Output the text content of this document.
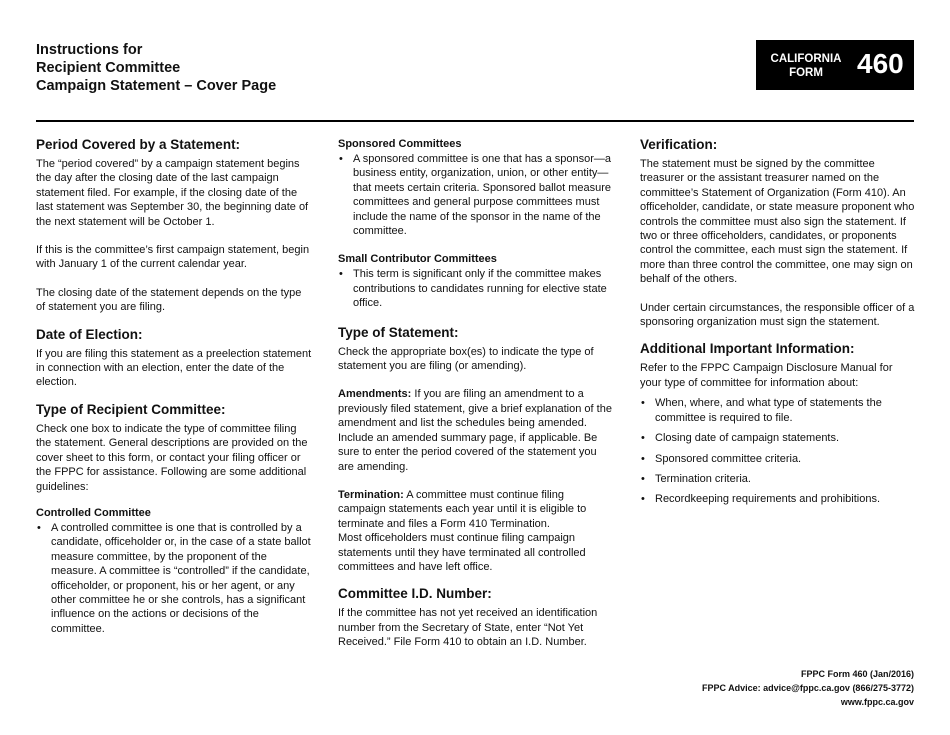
Instructions for
Recipient Committee
Campaign Statement – Cover Page
CALIFORNIA
FORM	460
Period Covered by a Statement:

The “period covered” by a campaign statement begins the day after the closing date of the last campaign statement filed. For example, if the closing date of the last statement was September 30, the beginning date of the next statement will be October 1.

If this is the committee’s first campaign statement, begin with January 1 of the current calendar year.

The closing date of the statement depends on the type of statement you are filing.

Date of Election:

If you are filing this statement as a preelection statement in connection with an election, enter the date of the election.

Type of Recipient Committee:

Check one box to indicate the type of committee filing the statement. General descriptions are provided on the cover sheet to this form, or contact your filing officer or the FPPC for assistance. Following are some additional guidelines:

Controlled Committee
• A controlled committee is one that is controlled by a candidate, officeholder or, in the case of a state ballot measure committee, by the proponent of the measure. A committee is “controlled” if the candidate, officeholder, or proponent, his or her agent, or any other committee he or she controls, has a significant influence on the actions or decisions of the committee.
Sponsored Committees
• A sponsored committee is one that has a sponsor—a business entity, organization, union, or other entity—that meets certain criteria. Sponsored ballot measure committees and general purpose committees must include the name of the sponsor in the name of the committee.
Small Contributor Committees
• This term is significant only if the committee makes contributions to candidates running for elective state office.
Type of Statement:

Check the appropriate box(es) to indicate the type of statement you are filing (or amending).

Amendments: If you are filing an amendment to a previously filed statement, give a brief explanation of the amendment and list the schedules being amended. Include an amended summary page, if applicable. Be sure to enter the period covered of the statement you are amending.

Termination: A committee must continue filing campaign statements each year until it is eligible to terminate and files a Form 410 Termination.
Most officeholders must continue filing campaign statements until they have terminated all controlled committees and have left office.

Committee I.D. Number:

If the committee has not yet received an identification number from the Secretary of State, enter “Not Yet Received.” File Form 410 to obtain an I.D. Number.

Verification:

The statement must be signed by the committee treasurer or the assistant treasurer named on the committee’s Statement of Organization (Form 410). An officeholder, candidate, or state measure proponent who controls the committee must also sign the statement. If two or three officeholders, candidates, or proponents control the committee, each must sign the statement. If more than three control the committee, one may sign on behalf of the others.

Under certain circumstances, the responsible officer of a sponsoring organization must sign the statement.

Additional Important Information:

Refer to the FPPC Campaign Disclosure Manual for your type of committee for information about:

• When, where, and what type of statements the committee is required to file.
• Closing date of campaign statements.
• Sponsored committee criteria.
• Termination criteria.
• Recordkeeping requirements and prohibitions.
FPPC Form 460 (Jan/2016)
FPPC Advice: advice@fppc.ca.gov (866/275-3772)
www.fppc.ca.gov
